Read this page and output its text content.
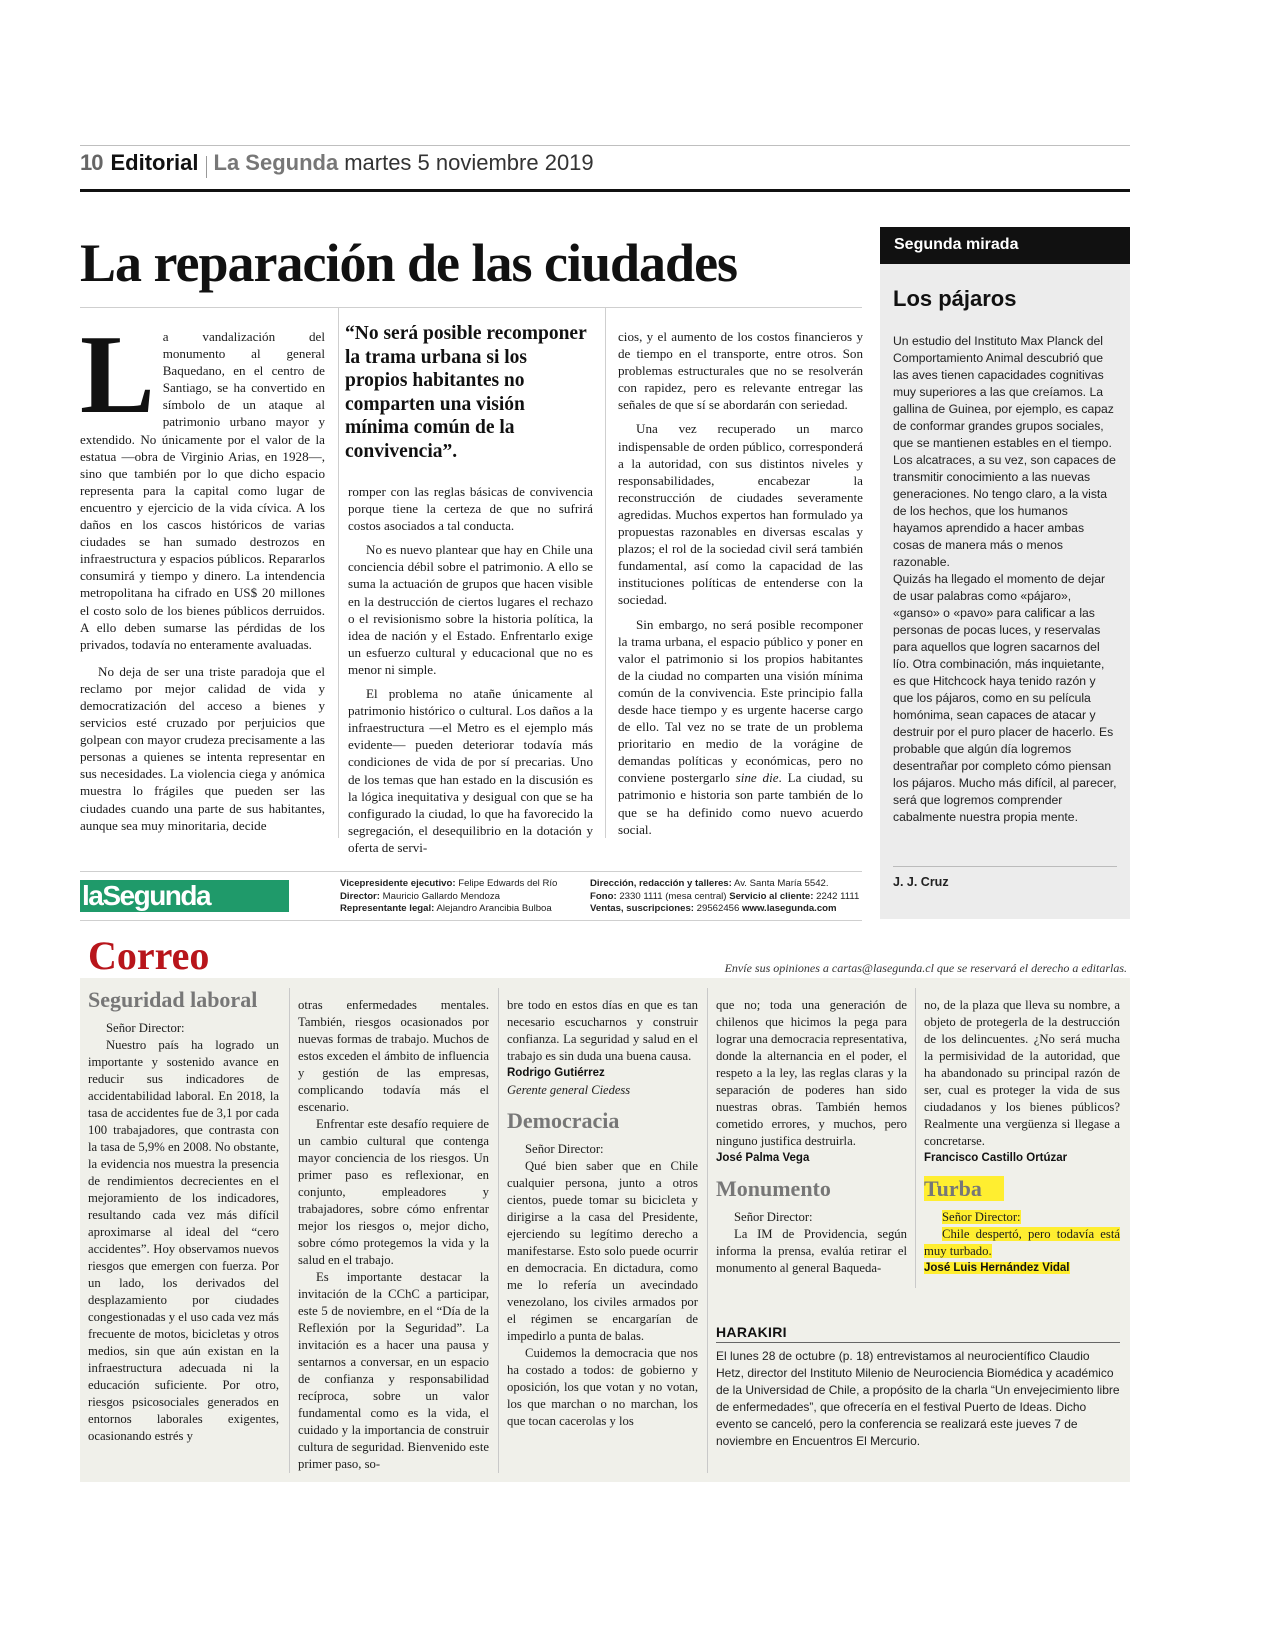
10 Editorial La Segunda martes 5 noviembre 2019
La reparación de las ciudades

La vandalización del monumento al general Baquedano, en el centro de Santiago, se ha convertido en símbolo de un ataque al patrimonio urbano mayor y extendido. No únicamente por el valor de la estatua —obra de Virginio Arias, en 1928—, sino que también por lo que dicho espacio representa para la capital como lugar de encuentro y ejercicio de la vida cívica. A los daños en los cascos históricos de varias ciudades se han sumado destrozos en infraestructura y espacios públicos. Repararlos consumirá y tiempo y dinero. La intendencia metropolitana ha cifrado en US$ 20 millones el costo solo de los bienes públicos derruidos. A ello deben sumarse las pérdidas de los privados, todavía no enteramente avaluadas.

No deja de ser una triste paradoja que el reclamo por mejor calidad de vida y democratización del acceso a bienes y servicios esté cruzado por perjuicios que golpean con mayor crudeza precisamente a las personas a quienes se intenta representar en sus necesidades. La violencia ciega y anómica muestra lo frágiles que pueden ser las ciudades cuando una parte de sus habitantes, aunque sea muy minoritaria, decide

“No será posible recomponer la trama urbana si los propios habitantes no comparten una visión mínima común de la convivencia”.

romper con las reglas básicas de convivencia porque tiene la certeza de que no sufrirá costos asociados a tal conducta.

No es nuevo plantear que hay en Chile una conciencia débil sobre el patrimonio. A ello se suma la actuación de grupos que hacen visible en la destrucción de ciertos lugares el rechazo o el revisionismo sobre la historia política, la idea de nación y el Estado. Enfrentarlo exige un esfuerzo cultural y educacional que no es menor ni simple.

El problema no atañe únicamente al patrimonio histórico o cultural. Los daños a la infraestructura —el Metro es el ejemplo más evidente— pueden deteriorar todavía más condiciones de vida de por sí precarias. Uno de los temas que han estado en la discusión es la lógica inequitativa y desigual con que se ha configurado la ciudad, lo que ha favorecido la segregación, el desequilibrio en la dotación y oferta de servi-

cios, y el aumento de los costos financieros y de tiempo en el transporte, entre otros. Son problemas estructurales que no se resolverán con rapidez, pero es relevante entregar las señales de que sí se abordarán con seriedad.

Una vez recuperado un marco indispensable de orden público, corresponderá a la autoridad, con sus distintos niveles y responsabilidades, encabezar la reconstrucción de ciudades severamente agredidas. Muchos expertos han formulado ya propuestas razonables en diversas escalas y plazos; el rol de la sociedad civil será también fundamental, así como la capacidad de las instituciones políticas de entenderse con la sociedad.

Sin embargo, no será posible recomponer la trama urbana, el espacio público y poner en valor el patrimonio si los propios habitantes de la ciudad no comparten una visión mínima común de la convivencia. Este principio falla desde hace tiempo y es urgente hacerse cargo de ello. Tal vez no se trate de un problema prioritario en medio de la vorágine de demandas políticas y económicas, pero no conviene postergarlo sine die. La ciudad, su patrimonio e historia son parte también de lo que se ha definido como nuevo acuerdo social.

Segunda mirada
Los pájaros

Un estudio del Instituto Max Planck del Comportamiento Animal descubrió que las aves tienen capacidades cognitivas muy superiores a las que creíamos. La gallina de Guinea, por ejemplo, es capaz de conformar grandes grupos sociales, que se mantienen estables en el tiempo. Los alcatraces, a su vez, son capaces de transmitir conocimiento a las nuevas generaciones. No tengo claro, a la vista de los hechos, que los humanos hayamos aprendido a hacer ambas cosas de manera más o menos razonable.

Quizás ha llegado el momento de dejar de usar palabras como «pájaro», «ganso» o «pavo» para calificar a las personas de pocas luces, y reservalas para aquellos que logren sacarnos del lío. Otra combinación, más inquietante, es que Hitchcock haya tenido razón y que los pájaros, como en su película homónima, sean capaces de atacar y destruir por el puro placer de hacerlo. Es probable que algún día logremos desentrañar por completo cómo piensan los pájaros. Mucho más difícil, al parecer, será que logremos comprender cabalmente nuestra propia mente.

J. J. Cruz
laSegunda	Vicepresidente ejecutivo: Felipe Edwards del Río
Director: Mauricio Gallardo Mendoza
Representante legal: Alejandro Arancibia Bulboa
Dirección, redacción y talleres: Av. Santa María 5542.
Fono: 2330 1111 (mesa central) Servicio al cliente: 2242 1111
Ventas, suscripciones: 29562456 www.lasegunda.com
Correo	Envíe sus opiniones a cartas@lasegunda.cl que se reservará el derecho a editarlas.
Seguridad laboral

Señor Director:

Nuestro país ha logrado un importante y sostenido avance en reducir sus indicadores de accidentabilidad laboral. En 2018, la tasa de accidentes fue de 3,1 por cada 100 trabajadores, que contrasta con la tasa de 5,9% en 2008. No obstante, la evidencia nos muestra la presencia de rendimientos decrecientes en el mejoramiento de los indicadores, resultando cada vez más difícil aproximarse al ideal del “cero accidentes”. Hoy observamos nuevos riesgos que emergen con fuerza. Por un lado, los derivados del desplazamiento por ciudades congestionadas y el uso cada vez más frecuente de motos, bicicletas y otros medios, sin que aún existan en la infraestructura adecuada ni la educación suficiente. Por otro, riesgos psicosociales generados en entornos laborales exigentes, ocasionando estrés y

otras enfermedades mentales. También, riesgos ocasionados por nuevas formas de trabajo. Muchos de estos exceden el ámbito de influencia y gestión de las empresas, complicando todavía más el escenario.

Enfrentar este desafío requiere de un cambio cultural que contenga mayor conciencia de los riesgos. Un primer paso es reflexionar, en conjunto, empleadores y trabajadores, sobre cómo enfrentar mejor los riesgos o, mejor dicho, sobre cómo protegemos la vida y la salud en el trabajo.

Es importante destacar la invitación de la CChC a participar, este 5 de noviembre, en el “Día de la Reflexión por la Seguridad”. La invitación es a hacer una pausa y sentarnos a conversar, en un espacio de confianza y responsabilidad recíproca, sobre un valor fundamental como es la vida, el cuidado y la importancia de construir cultura de seguridad. Bienvenido este primer paso, so-

bre todo en estos días en que es tan necesario escucharnos y construir confianza. La seguridad y salud en el trabajo es sin duda una buena causa.

Rodrigo Gutiérrez

Gerente general Ciedess

Democracia

Señor Director:

Qué bien saber que en Chile cualquier persona, junto a otros cientos, puede tomar su bicicleta y dirigirse a la casa del Presidente, ejerciendo su legítimo derecho a manifestarse. Esto solo puede ocurrir en democracia. En dictadura, como me lo refería un avecindado venezolano, los civiles armados por el régimen se encargarían de impedirlo a punta de balas.

Cuidemos la democracia que nos ha costado a todos: de gobierno y oposición, los que votan y no votan, los que marchan o no marchan, los que tocan cacerolas y los

que no; toda una generación de chilenos que hicimos la pega para lograr una democracia representativa, donde la alternancia en el poder, el respeto a la ley, las reglas claras y la separación de poderes han sido nuestras obras. También hemos cometido errores, y muchos, pero ninguno justifica destruirla.

José Palma Vega

Monumento

Señor Director:

La IM de Providencia, según informa la prensa, evalúa retirar el monumento al general Baqueda-

no, de la plaza que lleva su nombre, a objeto de protegerla de la destrucción de los delincuentes. ¿No será mucha la permisividad de la autoridad, que ha abandonado su principal razón de ser, cual es proteger la vida de sus ciudadanos y los bienes públicos? Realmente una vergüenza si llegase a concretarse.

Francisco Castillo Ortúzar

Turba

Señor Director:

Chile despertó, pero todavía está muy turbado.

José Luis Hernández Vidal

HARAKIRI
El lunes 28 de octubre (p. 18) entrevistamos al neurocientífico Claudio Hetz, director del Instituto Milenio de Neurociencia Biomédica y académico de la Universidad de Chile, a propósito de la charla “Un envejecimiento libre de enfermedades”, que ofrecería en el festival Puerto de Ideas. Dicho evento se canceló, pero la conferencia se realizará este jueves 7 de noviembre en Encuentros El Mercurio.
